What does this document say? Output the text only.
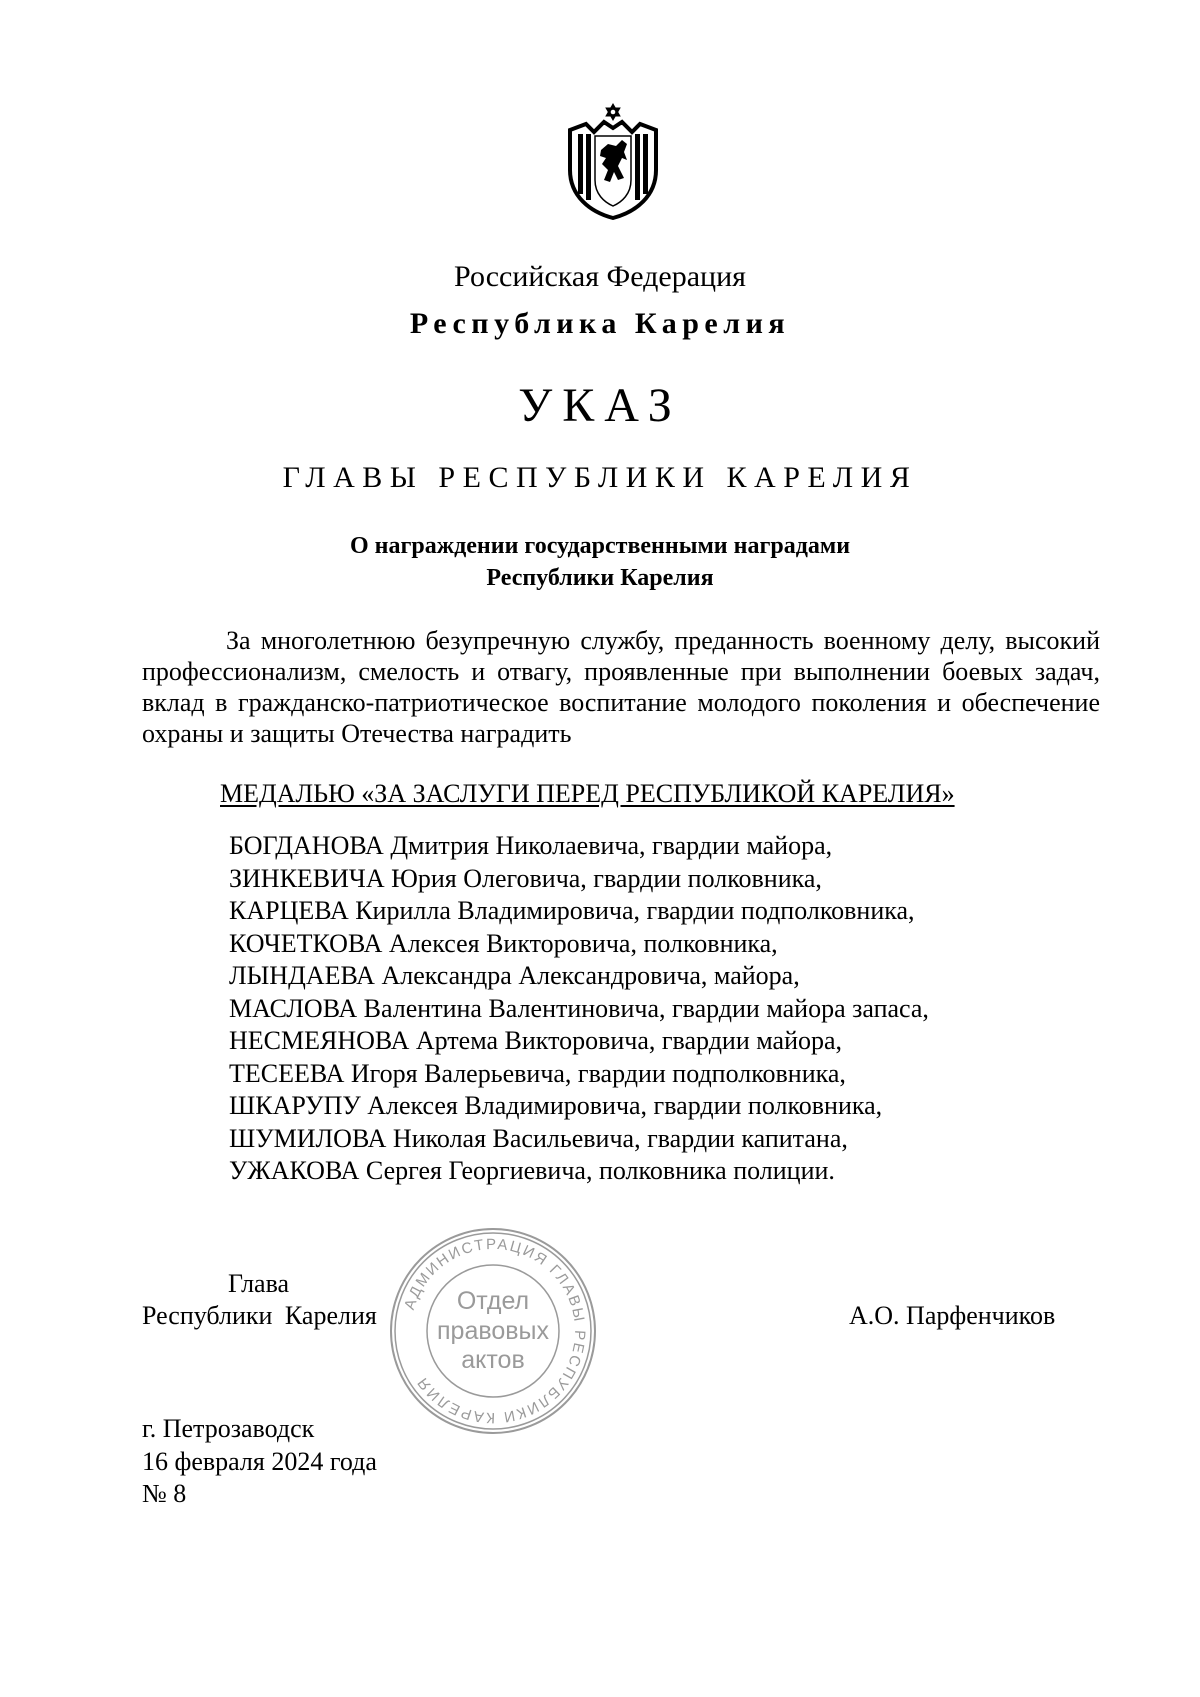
Российская Федерация
Республика Карелия
УКАЗ
ГЛАВЫ РЕСПУБЛИКИ КАРЕЛИЯ
О награждении государственными наградами
Республики Карелия
За многолетнюю безупречную службу, преданность военному делу, высокий профессионализм, смелость и отвагу, проявленные при выполнении боевых задач, вклад в гражданско-патриотическое воспитание молодого поколения и обеспечение охраны и защиты Отечества наградить
МЕДАЛЬЮ «ЗА ЗАСЛУГИ ПЕРЕД РЕСПУБЛИКОЙ КАРЕЛИЯ»
БОГДАНОВА Дмитрия Николаевича, гвардии майора,
ЗИНКЕВИЧА Юрия Олеговича, гвардии полковника,
КАРЦЕВА Кирилла Владимировича, гвардии подполковника,
КОЧЕТКОВА Алексея Викторовича, полковника,
ЛЫНДАЕВА Александра Александровича, майора,
МАСЛОВА Валентина Валентиновича, гвардии майора запаса,
НЕСМЕЯНОВА Артема Викторовича, гвардии майора,
ТЕСЕЕВА Игоря Валерьевича, гвардии подполковника,
ШКАРУПУ Алексея Владимировича, гвардии полковника,
ШУМИЛОВА Николая Васильевича, гвардии капитана,
УЖАКОВА Сергея Георгиевича, полковника полиции.
Глава
Республики Карелия	А.О. Парфенчиков
АДМИНИСТРАЦИЯ ГЛАВЫ РЕСПУБЛИКИ КАРЕЛИЯ
Отдел
правовых
актов
г. Петрозаводск
16 февраля 2024 года
№ 8
